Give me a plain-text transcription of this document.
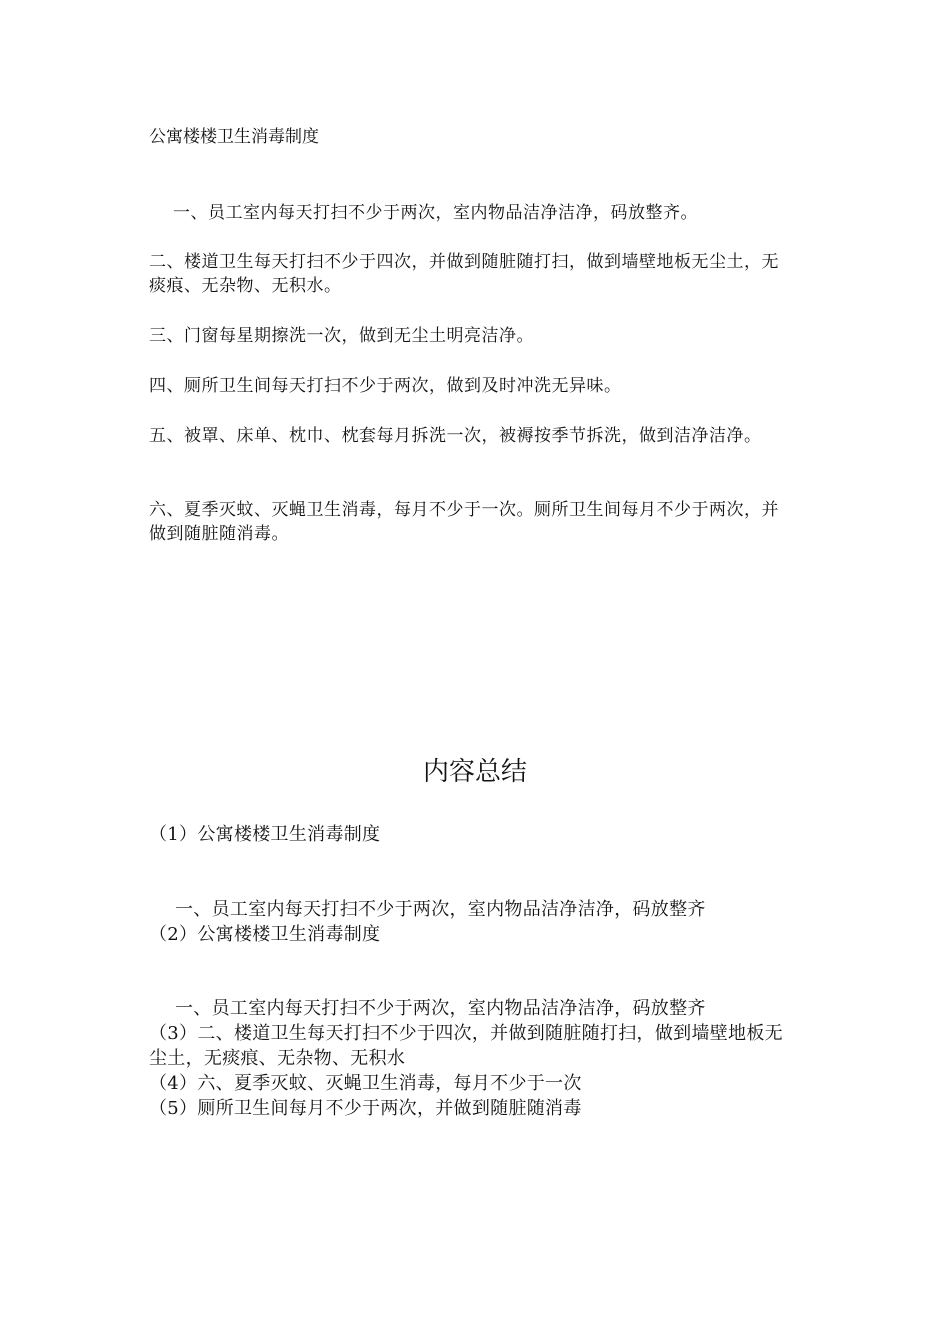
公寓楼楼卫生消毒制度

一、员工室内每天打扫不少于两次，室内物品洁净洁净，码放整齐。

二、楼道卫生每天打扫不少于四次，并做到随脏随打扫，做到墙壁地板无尘土，无痰痕、无杂物、无积水。

三、门窗每星期擦洗一次，做到无尘土明亮洁净。

四、厕所卫生间每天打扫不少于两次，做到及时冲洗无异味。

五、被罩、床单、枕巾、枕套每月拆洗一次，被褥按季节拆洗，做到洁净洁净。

六、夏季灭蚊、灭蝇卫生消毒，每月不少于一次。厕所卫生间每月不少于两次，并做到随脏随消毒。

内容总结

（1）公寓楼楼卫生消毒制度

一、员工室内每天打扫不少于两次，室内物品洁净洁净，码放整齐

（2）公寓楼楼卫生消毒制度

一、员工室内每天打扫不少于两次，室内物品洁净洁净，码放整齐

（3）二、楼道卫生每天打扫不少于四次，并做到随脏随打扫，做到墙壁地板无尘土，无痰痕、无杂物、无积水

（4）六、夏季灭蚊、灭蝇卫生消毒，每月不少于一次

（5）厕所卫生间每月不少于两次，并做到随脏随消毒
